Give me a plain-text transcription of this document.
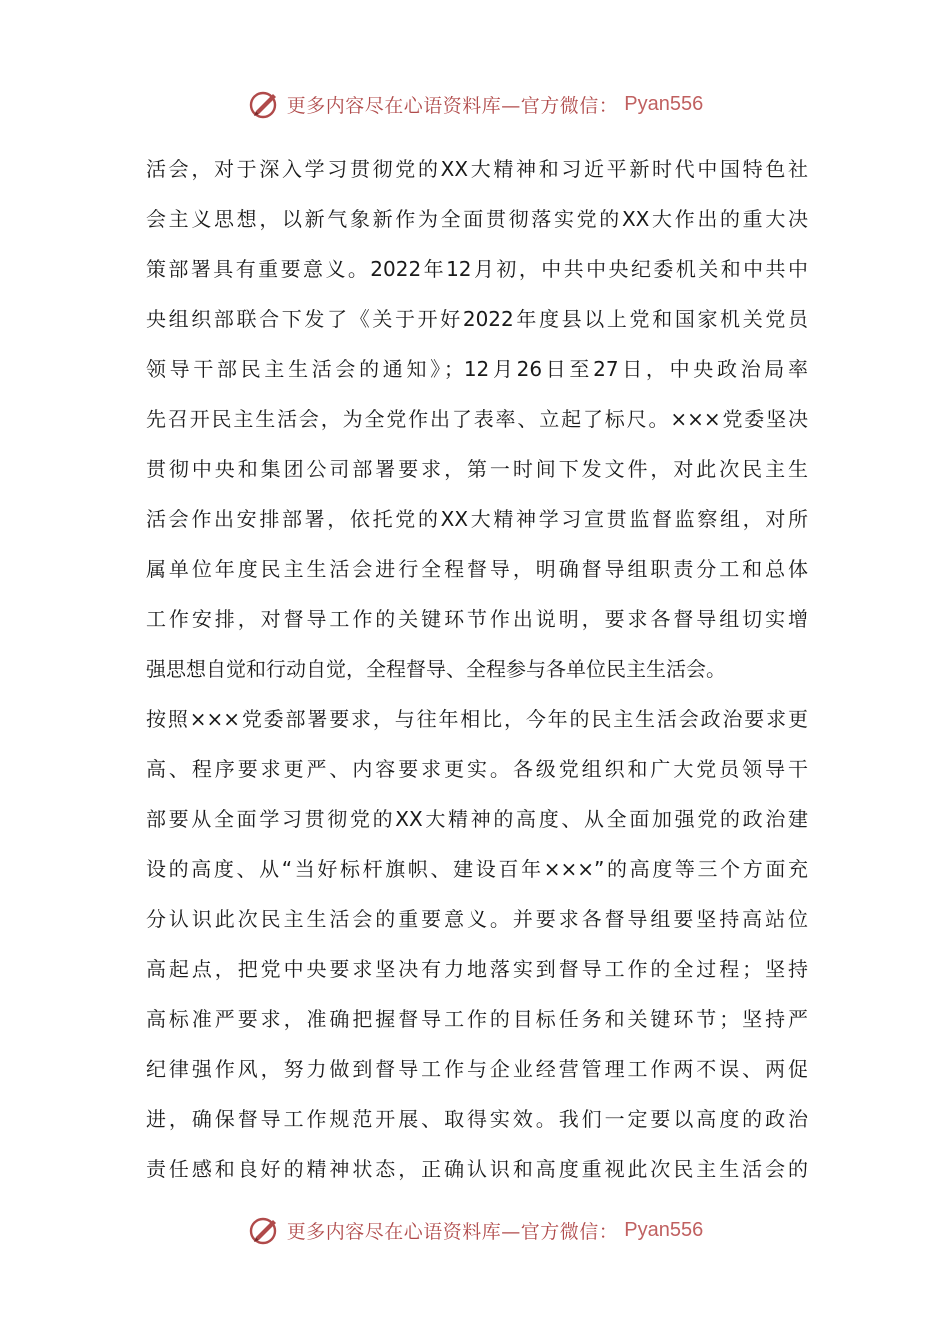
更多内容尽在心语资料库—官方微信： Pyan556
活会，对于深入学习贯彻党的XX大精神和习近平新时代中国特色社
会主义思想，以新气象新作为全面贯彻落实党的XX大作出的重大决
策部署具有重要意义。2022年12月初，中共中央纪委机关和中共中
央组织部联合下发了《关于开好2022年度县以上党和国家机关党员
领导干部民主生活会的通知》；12月26日至27日，中央政治局率
先召开民主生活会，为全党作出了表率、立起了标尺。×××党委坚决
贯彻中央和集团公司部署要求，第一时间下发文件，对此次民主生
活会作出安排部署，依托党的XX大精神学习宣贯监督监察组，对所
属单位年度民主生活会进行全程督导，明确督导组职责分工和总体
工作安排，对督导工作的关键环节作出说明，要求各督导组切实增
强思想自觉和行动自觉，全程督导、全程参与各单位民主生活会。
按照×××党委部署要求，与往年相比，今年的民主生活会政治要求更
高、程序要求更严、内容要求更实。各级党组织和广大党员领导干
部要从全面学习贯彻党的XX大精神的高度、从全面加强党的政治建
设的高度、从“当好标杆旗帜、建设百年×××”的高度等三个方面充
分认识此次民主生活会的重要意义。并要求各督导组要坚持高站位
高起点，把党中央要求坚决有力地落实到督导工作的全过程；坚持
高标准严要求，准确把握督导工作的目标任务和关键环节；坚持严
纪律强作风，努力做到督导工作与企业经营管理工作两不误、两促
进，确保督导工作规范开展、取得实效。我们一定要以高度的政治
责任感和良好的精神状态，正确认识和高度重视此次民主生活会的
更多内容尽在心语资料库—官方微信： Pyan556
